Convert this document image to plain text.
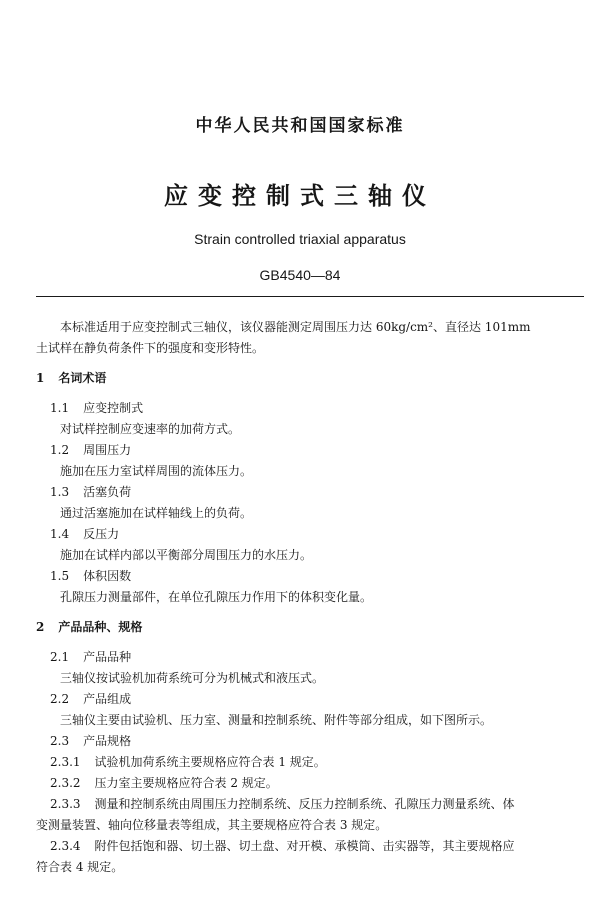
中华人民共和国国家标准
应变控制式三轴仪
Strain controlled triaxial apparatus
GB4540—84
本标准适用于应变控制式三轴仪，该仪器能测定周围压力达 60kg/cm²、直径达 101mm
土试样在静负荷条件下的强度和变形特性。
1 名词术语
1.1 应变控制式
对试样控制应变速率的加荷方式。
1.2 周围压力
施加在压力室试样周围的流体压力。
1.3 活塞负荷
通过活塞施加在试样轴线上的负荷。
1.4 反压力
施加在试样内部以平衡部分周围压力的水压力。
1.5 体积因数
孔隙压力测量部件，在单位孔隙压力作用下的体积变化量。
2 产品品种、规格
2.1 产品品种
三轴仪按试验机加荷系统可分为机械式和液压式。
2.2 产品组成
三轴仪主要由试验机、压力室、测量和控制系统、附件等部分组成，如下图所示。
2.3 产品规格
2.3.1 试验机加荷系统主要规格应符合表 1 规定。
2.3.2 压力室主要规格应符合表 2 规定。
2.3.3 测量和控制系统由周围压力控制系统、反压力控制系统、孔隙压力测量系统、体
变测量装置、轴向位移量表等组成，其主要规格应符合表 3 规定。
2.3.4 附件包括饱和器、切土器、切土盘、对开模、承模筒、击实器等，其主要规格应
符合表 4 规定。
